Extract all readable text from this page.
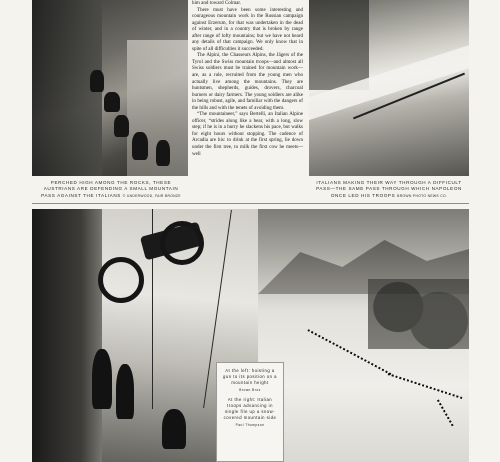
PERCHED HIGH AMONG THE ROCKS, THESE AUSTRIANS ARE DEFENDING A SMALL MOUNTAIN PASS AGAINST THE ITALIANS © UNDERWOOD, FAIR BRONZE

him and toward Colmar.

There must have been some interesting and courageous mountain work in the Russian campaign against Erzerum, for that was undertaken in the dead of winter, and in a country that is broken by range after range of lofty mountains; but we have not heard any details of that campaign. We only know that in spite of all difficulties it succeeded.

The Alpini, the Chasseurs Alpins, the Jägers of the Tyrol and the Swiss mountain troops—and almost all Swiss soldiers must be trained for mountain work—are, as a rule, recruited from the young men who actually live among the mountains. They are huntsmen, shepherds, guides, drovers, charcoal burners or dairy farmers. The young soldiers are alike in being robust, agile, and familiar with the dangers of the hills and with the tenets of avoiding them.

“The mountaineer,” says Bertelli, an Italian Alpine officer, “strides along like a bear, with a long, slow step; if he is in a hurry he slackens his pace, but walks for eight hours without stopping. The cadence of Arcadia are his: to drink at the first spring, lie down under the first tree, to milk the first cow he meets—well

ITALIANS MAKING THEIR WAY THROUGH A DIFFICULT PASS—THE SAME PASS THROUGH WHICH NAPOLEON ONCE LED HIS TROOPS BROWN PHOTO NEWS CO.
At the left: hoisting a gun to its position on a mountain height
Brown Bros
At the right: Italian troops advancing in single file up a snow-covered mountain side
Paul Thompson
